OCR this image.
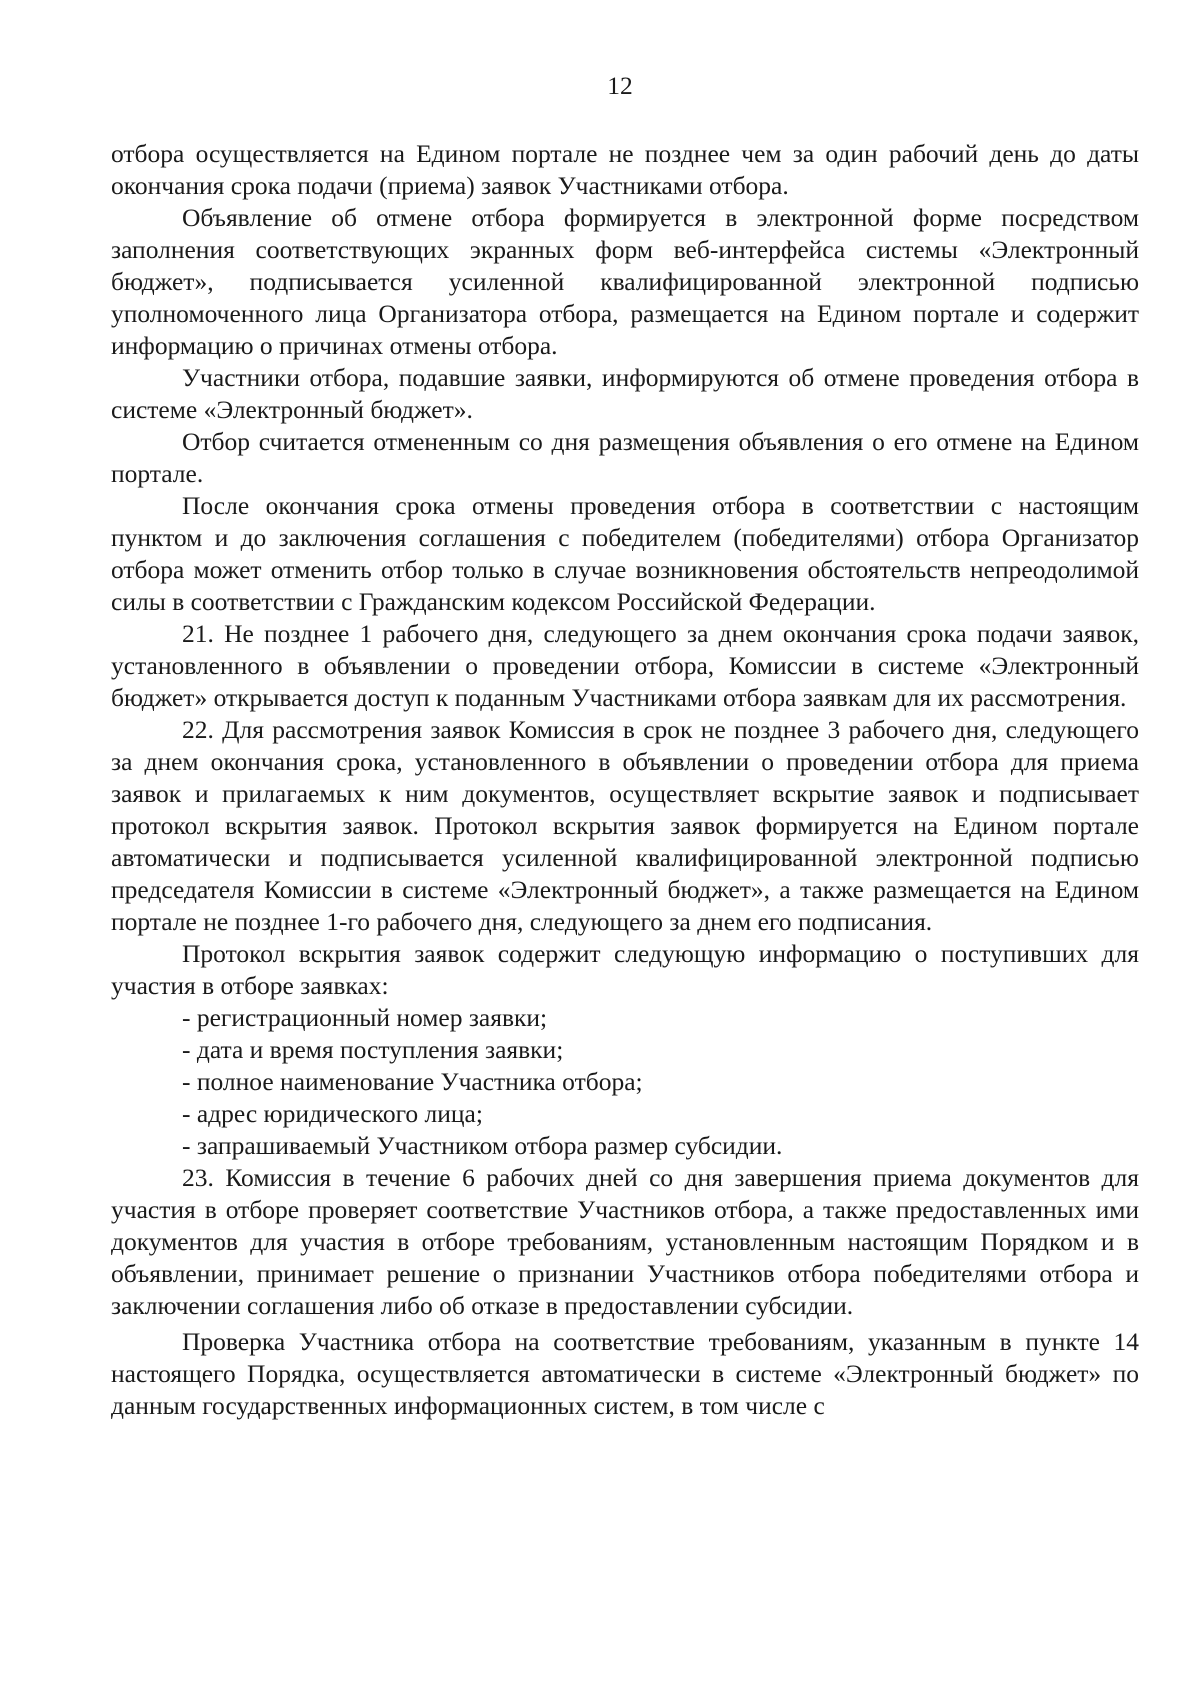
12

отбора осуществляется на Едином портале не позднее чем за один рабочий день до даты окончания срока подачи (приема) заявок Участниками отбора.

Объявление об отмене отбора формируется в электронной форме посредством заполнения соответствующих экранных форм веб-интерфейса системы «Электронный бюджет», подписывается усиленной квалифицированной электронной подписью уполномоченного лица Организатора отбора, размещается на Едином портале и содержит информацию о причинах отмены отбора.

Участники отбора, подавшие заявки, информируются об отмене проведения отбора в системе «Электронный бюджет».

Отбор считается отмененным со дня размещения объявления о его отмене на Едином портале.

После окончания срока отмены проведения отбора в соответствии с настоящим пунктом и до заключения соглашения с победителем (победителями) отбора Организатор отбора может отменить отбор только в случае возникновения обстоятельств непреодолимой силы в соответствии с Гражданским кодексом Российской Федерации.

21. Не позднее 1 рабочего дня, следующего за днем окончания срока подачи заявок, установленного в объявлении о проведении отбора, Комиссии в системе «Электронный бюджет» открывается доступ к поданным Участниками отбора заявкам для их рассмотрения.

22. Для рассмотрения заявок Комиссия в срок не позднее 3 рабочего дня, следующего за днем окончания срока, установленного в объявлении о проведении отбора для приема заявок и прилагаемых к ним документов, осуществляет вскрытие заявок и подписывает протокол вскрытия заявок. Протокол вскрытия заявок формируется на Едином портале автоматически и подписывается усиленной квалифицированной электронной подписью председателя Комиссии в системе «Электронный бюджет», а также размещается на Едином портале не позднее 1-го рабочего дня, следующего за днем его подписания.

Протокол вскрытия заявок содержит следующую информацию о поступивших для участия в отборе заявках:

- регистрационный номер заявки;

- дата и время поступления заявки;

- полное наименование Участника отбора;

- адрес юридического лица;

- запрашиваемый Участником отбора размер субсидии.

23. Комиссия в течение 6 рабочих дней со дня завершения приема документов для участия в отборе проверяет соответствие Участников отбора, а также предоставленных ими документов для участия в отборе требованиям, установленным настоящим Порядком и в объявлении, принимает решение о признании Участников отбора победителями отбора и заключении соглашения либо об отказе в предоставлении субсидии.

Проверка Участника отбора на соответствие требованиям, указанным в пункте 14 настоящего Порядка, осуществляется автоматически в системе «Электронный бюджет» по данным государственных информационных систем, в том числе с
